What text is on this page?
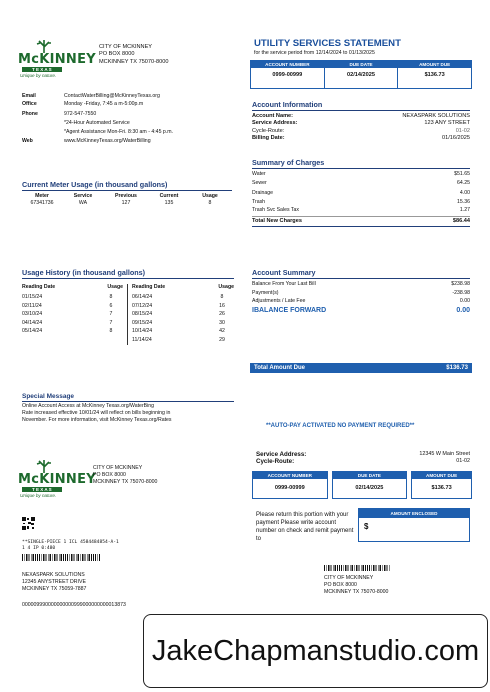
McKINNEY
T E X A S
Unique by nature.
CITY OF MCKINNEY
PO BOX 8000
MCKINNEY TX 75070-8000
Email	ContactWaterBilling@McKinneyTexas.org
Office	Monday -Friday, 7:45 a m-5:00p.m
Phone	972-547-7550
*24-Hour Automated Service
*Agent Assistance Mon-Fri. 8:30 am - 4:45 p.m.
Web	www.McKinneyTexas.org/WaterBilling
UTILITY SERVICES STATEMENT
for the service period from 12/14/2024 to 01/13/2025
ACCOUNT NUMBER
0999-00999
DUE DATE
02/14/2025
AMOUNT DUE
$136.73
Account Information
Account Name:	NEXASPARK SOLUTIONS
Service Address:	123 ANY STREET
Cycle-Route:	01-02
Billing Date:	01/16/2025
Summary of Charges
Water	$51.65
Sewer	64.25
Drainage	4.00
Trash	15.36
Trash Svc Sales Tax	1.27
Total New Charges	$86.44
Current Meter Usage (in thousand gallons)
Meter	Service	Previous	Current	Usage
67341736	WA	127	135	8
Usage History (in thousand gallons)
Reading Date	Usage
01/15/24	8
02/11/24	6
03/10/24	7
04/14/24	7
05/14/24	8
Reading Date	Usage
06/14/24	8
07/12/24	16
08/15/24	26
09/15/24	30
10/14/24	42
11/14/24	29
Account Summary
Balance From Your Last Bill	$238.98
Payment(s)	-238.98
Adjustments / Late Fee	0.00
IBALANCE FORWARD	0.00
Total Amount Due	$136.73
Special Message
Online Account Access at McKinney Texas.org/WaterBing
Rate increased effective 10/01/24 will reflect on bills beginning in
November. For more information, visit McKinney Texas.org/Rates
**AUTO-PAY ACTIVATED NO PAYMENT REQUIRED**
McKINNEY
T E X A S
Unique by nature.
CITY OF MCKINNEY
PO BOX 8000
MCKINNEY TX 75070-8000
Service Address:	12345 W Main Street
Cycle-Route:	01-02
ACCOUNT NUMBER
0999-00999
DUE DATE
02/14/2025
AMOUNT DUE
$136.73
Please return this portion with your payment Please write account number on check and remit payment to
AMOUNT ENCLOSED
$
**SINGLE-PIECE 1 ICL 4584484854-A-1
1 4 IP 0:480
NEXASPARK SOLUTIONS
12345 ANYSTREET DRIVE
MCKINNEY TX 75059-7887
CITY OF MCKINNEY
PO BOX 8000
MCKINNEY TX 75070-8000
000009990000000000999000000000013873
JakeChapmanstudio.com
